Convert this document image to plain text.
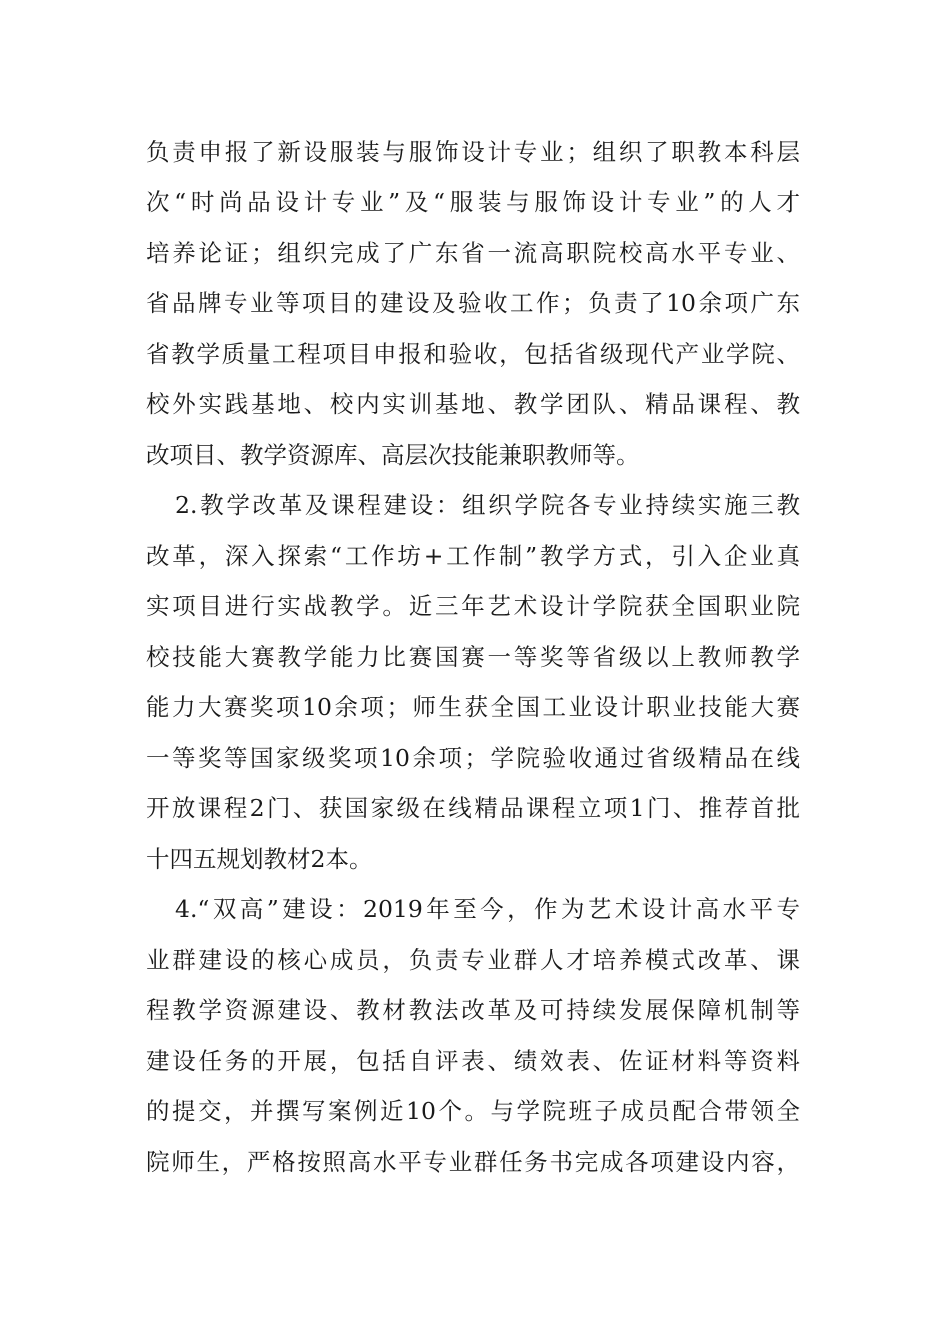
负责申报了新设服装与服饰设计专业；组织了职教本科层
次“时尚品设计专业”及“服装与服饰设计专业”的人才
培养论证；组织完成了广东省一流高职院校高水平专业、
省品牌专业等项目的建设及验收工作；负责了10余项广东
省教学质量工程项目申报和验收，包括省级现代产业学院、
校外实践基地、校内实训基地、教学团队、精品课程、教
改项目、教学资源库、高层次技能兼职教师等。
2.教学改革及课程建设：组织学院各专业持续实施三教
改革，深入探索“工作坊+工作制”教学方式，引入企业真
实项目进行实战教学。近三年艺术设计学院获全国职业院
校技能大赛教学能力比赛国赛一等奖等省级以上教师教学
能力大赛奖项10余项；师生获全国工业设计职业技能大赛
一等奖等国家级奖项10余项；学院验收通过省级精品在线
开放课程2门、获国家级在线精品课程立项1门、推荐首批
十四五规划教材2本。
4.“双高”建设：2019年至今，作为艺术设计高水平专
业群建设的核心成员，负责专业群人才培养模式改革、课
程教学资源建设、教材教法改革及可持续发展保障机制等
建设任务的开展，包括自评表、绩效表、佐证材料等资料
的提交，并撰写案例近10个。与学院班子成员配合带领全
院师生，严格按照高水平专业群任务书完成各项建设内容，
